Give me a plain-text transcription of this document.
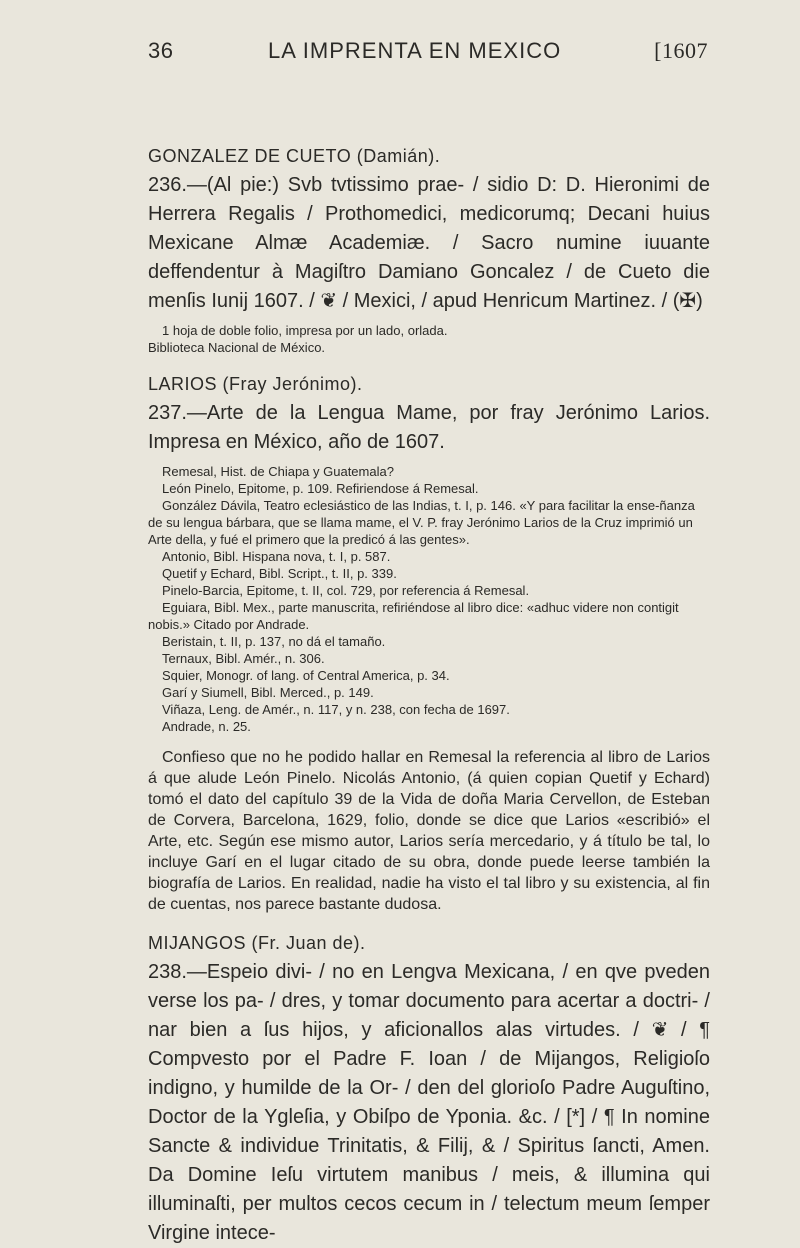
36	LA IMPRENTA EN MEXICO	[1607
GONZALEZ DE CUETO (Damián).

236.—(Al pie:) Svb tvtissimo prae- / sidio D: D. Hieronimi de Herrera Regalis / Prothomedici, medicorumq; Decani huius Mexicane Almæ Academiæ. / Sacro numine iuuante deffendentur à Magiſtro Damiano Goncalez / de Cueto die menſis Iunij 1607. / ❦ / Mexici, / apud Henricum Martinez. / (✠)

1 hoja de doble folio, impresa por un lado, orlada.

Biblioteca Nacional de México.

LARIOS (Fray Jerónimo).

237.—Arte de la Lengua Mame, por fray Jerónimo Larios. Impresa en México, año de 1607.

Remesal, Hist. de Chiapa y Guatemala?

León Pinelo, Epitome, p. 109. Refiriendose á Remesal.

González Dávila, Teatro eclesiástico de las Indias, t. I, p. 146. «Y para facilitar la ense-ñanza de su lengua bárbara, que se llama mame, el V. P. fray Jerónimo Larios de la Cruz imprimió un Arte della, y fué el primero que la predicó á las gentes».

Antonio, Bibl. Hispana nova, t. I, p. 587.

Quetif y Echard, Bibl. Script., t. II, p. 339.

Pinelo-Barcia, Epitome, t. II, col. 729, por referencia á Remesal.

Eguiara, Bibl. Mex., parte manuscrita, refiriéndose al libro dice: «adhuc videre non contigit nobis.» Citado por Andrade.

Beristain, t. II, p. 137, no dá el tamaño.

Ternaux, Bibl. Amér., n. 306.

Squier, Monogr. of lang. of Central America, p. 34.

Garí y Siumell, Bibl. Merced., p. 149.

Viñaza, Leng. de Amér., n. 117, y n. 238, con fecha de 1697.

Andrade, n. 25.

Confieso que no he podido hallar en Remesal la referencia al libro de Larios á que alude León Pinelo. Nicolás Antonio, (á quien copian Quetif y Echard) tomó el dato del capítulo 39 de la Vida de doña Maria Cervellon, de Esteban de Corvera, Barcelona, 1629, folio, donde se dice que Larios «escribió» el Arte, etc. Según ese mismo autor, Larios sería mercedario, y á título be tal, lo incluye Garí en el lugar citado de su obra, donde puede leerse también la biografía de Larios. En realidad, nadie ha visto el tal libro y su existencia, al fin de cuentas, nos parece bastante dudosa.

MIJANGOS (Fr. Juan de).

238.—Espeio divi- / no en Lengva Mexicana, / en qve pveden verse los pa- / dres, y tomar documento para acertar a doctri- / nar bien a ſus hijos, y aficionallos alas virtudes. / ❦ / ¶ Compvesto por el Padre F. Ioan / de Mijangos, Religioſo indigno, y humilde de la Or- / den del glorioſo Padre Auguſtino, Doctor de la Ygleſia, y Obiſpo de Yponia. &c. / [*] / ¶ In nomine Sancte & individue Trinitatis, & Filij, & / Spiritus ſancti, Amen. Da Domine Ieſu virtutem manibus / meis, & illumina qui illuminaſti, per multos cecos cecum in / telectum meum ſemper Virgine intece-
